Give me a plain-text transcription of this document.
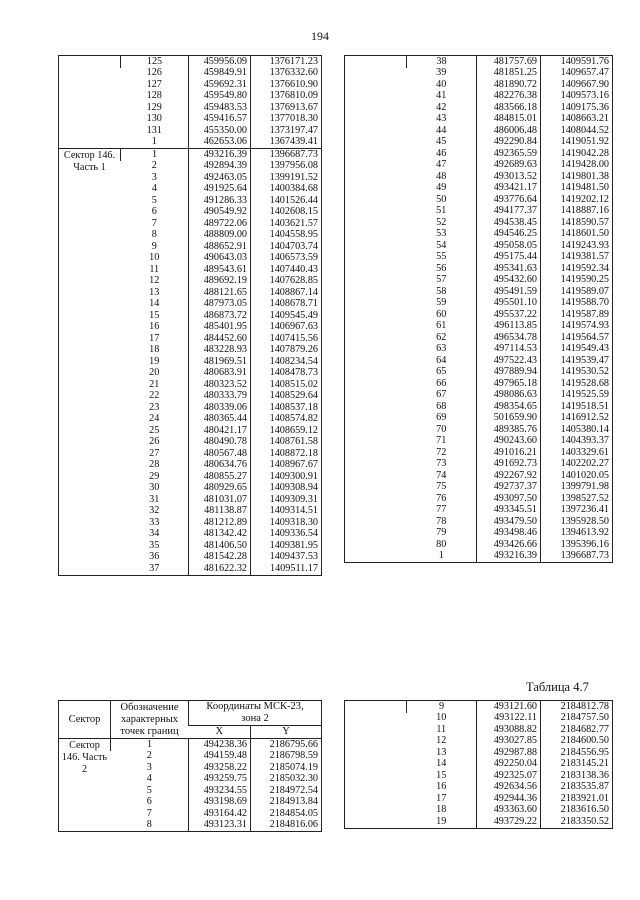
194
	125	459956.09	1376171.23
	126	459849.91	1376332.60
	127	459692.31	1376610.90
	128	459549.80	1376810.09
	129	459483.53	1376913.67
	130	459416.57	1377018.30
	131	455350.00	1373197.47
	1	462653.06	1367439.41
Сектор 146. Часть 1	1	493216.39	1396687.73
	2	492894.39	1397956.08
	3	492463.05	1399191.52
	4	491925.64	1400384.68
	5	491286.33	1401526.44
	6	490549.92	1402608.15
	7	489722.06	1403621.57
	8	488809.00	1404558.95
	9	488652.91	1404703.74
	10	490643.03	1406573.59
	11	489543.61	1407440.43
	12	489692.19	1407628.85
	13	488121.65	1408867.14
	14	487973.05	1408678.71
	15	486873.72	1409545.49
	16	485401.95	1406967.63
	17	484452.60	1407415.56
	18	483228.93	1407879.26
	19	481969.51	1408234.54
	20	480683.91	1408478.73
	21	480323.52	1408515.02
	22	480333.79	1408529.64
	23	480339.06	1408537.18
	24	480365.44	1408574.82
	25	480421.17	1408659.12
	26	480490.78	1408761.58
	27	480567.48	1408872.18
	28	480634.76	1408967.67
	29	480855.27	1409300.91
	30	480929.65	1409308.94
	31	481031.07	1409309.31
	32	481138.87	1409314.51
	33	481212.89	1409318.30
	34	481342.42	1409336.54
	35	481406.50	1409381.95
	36	481542.28	1409437.53
	37	481622.32	1409511.17
	38	481757.69	1409591.76
	39	481851.25	1409657.47
	40	481890.72	1409667.90
	41	482276.38	1409573.16
	42	483566.18	1409175.36
	43	484815.01	1408663.21
	44	486006.48	1408044.52
	45	492290.84	1419051.92
	46	492365.59	1419042.28
	47	492689.63	1419428.00
	48	493013.52	1419801.38
	49	493421.17	1419481.50
	50	493776.64	1419202.12
	51	494177.37	1418887.16
	52	494538.45	1418590.57
	53	494546.25	1418601.50
	54	495058.05	1419243.93
	55	495175.44	1419381.57
	56	495341.63	1419592.34
	57	495432.60	1419590.25
	58	495491.59	1419589.07
	59	495501.10	1419588.70
	60	495537.22	1419587.89
	61	496113.85	1419574.93
	62	496534.78	1419564.57
	63	497114.53	1419549.43
	64	497522.43	1419539.47
	65	497889.94	1419530.52
	66	497965.18	1419528.68
	67	498086.63	1419525.59
	68	498354.65	1419518.51
	69	501659.90	1416912.52
	70	489385.76	1405380.14
	71	490243.60	1404393.37
	72	491016.21	1403329.61
	73	491692.73	1402202.27
	74	492267.92	1401020.05
	75	492737.37	1399791.98
	76	493097.50	1398527.52
	77	493345.51	1397236.41
	78	493479.50	1395928.50
	79	493498.46	1394613.92
	80	493426.66	1395396.16
	1	493216.39	1396687.73
Таблица 4.7
Сектор	Обозначение характерных точек границ	Координаты МСК-23, зона 2	
		X	Y
Сектор 146. Часть 2	1	494238.36	2186795.66
	2	494159.48	2186798.59
	3	493258.22	2185074.19
	4	493259.75	2185032.30
	5	493234.55	2184972.54
	6	493198.69	2184913.84
	7	493164.42	2184854.05
	8	493123.31	2184816.06
	9	493121.60	2184812.78
	10	493122.11	2184757.50
	11	493088.82	2184682.77
	12	493027.85	2184600.50
	13	492987.88	2184556.95
	14	492250.04	2183145.21
	15	492325.07	2183138.36
	16	492634.56	2183535.87
	17	492944.36	2183921.01
	18	493363.60	2183616.50
	19	493729.22	2183350.52
